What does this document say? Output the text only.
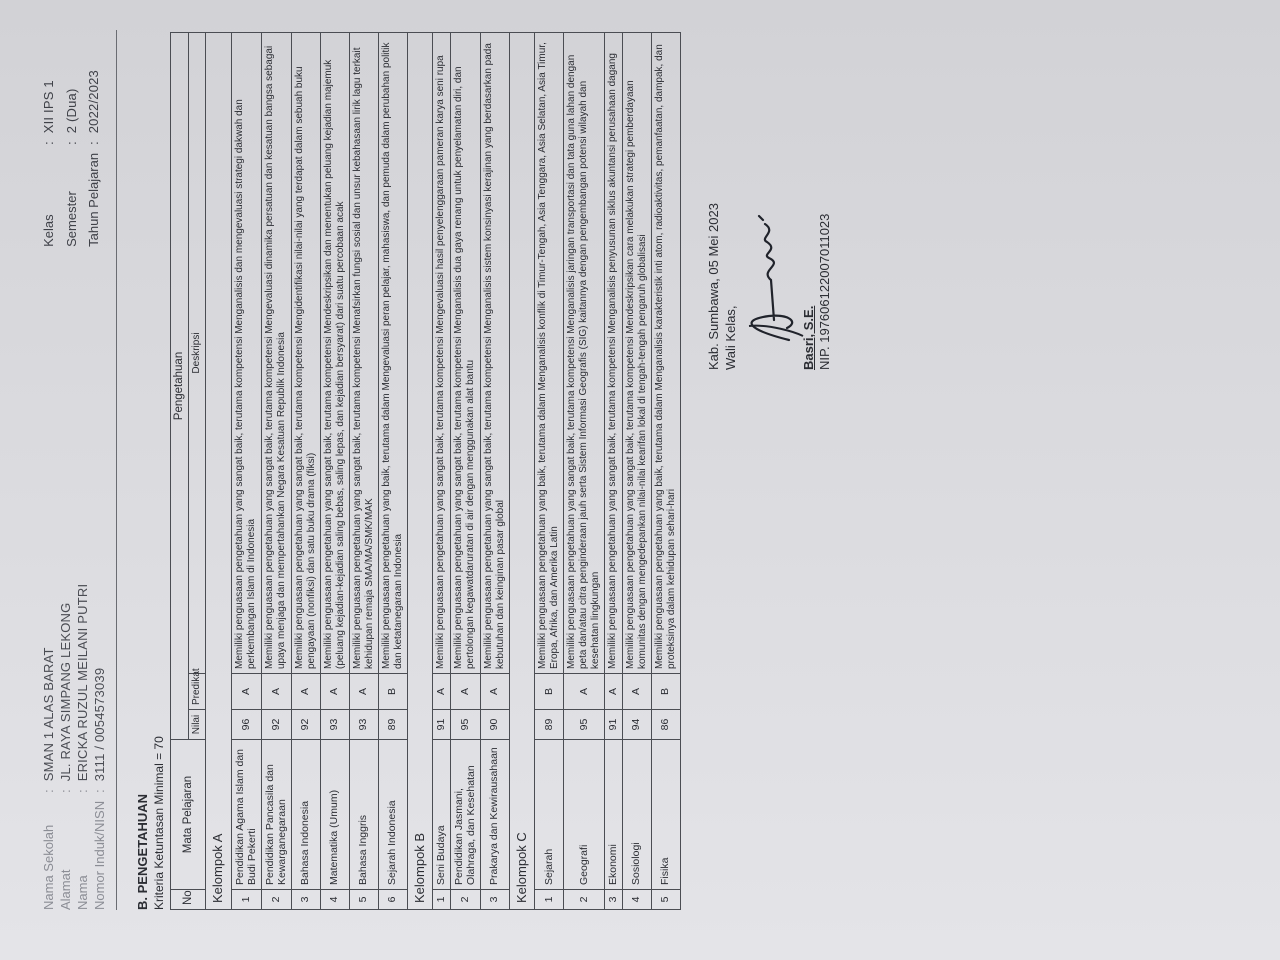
Nama Sekolah
:
SMAN 1 ALAS BARAT
Alamat
:
JL. RAYA SIMPANG LEKONG
Nama
:
ERICKA RUZUL MEILANI PUTRI
Nomor Induk/NISN
:
3111 / 0054573039
Kelas
:
XII IPS 1
Semester
:
2 (Dua)
Tahun Pelajaran
:
2022/2023
B. PENGETAHUAN Kriteria Ketuntasan Minimal = 70 No	Mata Pelajaran	Pengetahuan		
		Nilai	Predikat	Deskripsi
Kelompok A				
1	Pendidikan Agama Islam dan Budi Pekerti	96	A	Memiliki penguasaan pengetahuan yang sangat baik, terutama kompetensi Menganalisis dan mengevaluasi strategi dakwah dan perkembangan Islam di Indonesia
2	Pendidikan Pancasila dan Kewarganegaraan	92	A	Memiliki penguasaan pengetahuan yang sangat baik, terutama kompetensi Mengevaluasi dinamika persatuan dan kesatuan bangsa sebagai upaya menjaga dan mempertahankan Negara Kesatuan Republik Indonesia
3	Bahasa Indonesia	92	A	Memiliki penguasaan pengetahuan yang sangat baik, terutama kompetensi Mengidentifikasi nilai-nilai yang terdapat dalam sebuah buku pengayaan (nonfiksi) dan satu buku drama (fiksi)
4	Matematika (Umum)	93	A	Memiliki penguasaan pengetahuan yang sangat baik, terutama kompetensi Mendeskripsikan dan menentukan peluang kejadian majemuk (peluang kejadian-kejadian saling bebas, saling lepas, dan kejadian bersyarat) dari suatu percobaan acak
5	Bahasa Inggris	93	A	Memiliki penguasaan pengetahuan yang sangat baik, terutama kompetensi Menafsirkan fungsi sosial dan unsur kebahasaan lirik lagu terkait kehidupan remaja SMA/MA/SMK/MAK
6	Sejarah Indonesia	89	B	Memiliki penguasaan pengetahuan yang baik, terutama dalam Mengevaluasi peran pelajar, mahasiswa, dan pemuda dalam perubahan politik dan ketatanegaraan Indonesia
Kelompok B				
1	Seni Budaya	91	A	Memiliki penguasaan pengetahuan yang sangat baik, terutama kompetensi Mengevaluasi hasil penyelenggaraan pameran karya seni rupa
2	Pendidikan Jasmani, Olahraga, dan Kesehatan	95	A	Memiliki penguasaan pengetahuan yang sangat baik, terutama kompetensi Menganalisis dua gaya renang untuk penyelamatan diri, dan pertolongan kegawatdaruratan di air dengan menggunakan alat bantu
3	Prakarya dan Kewirausahaan	90	A	Memiliki penguasaan pengetahuan yang sangat baik, terutama kompetensi Menganalisis sistem konsinyasi kerajinan yang berdasarkan pada kebutuhan dan keinginan pasar global
Kelompok C				
1	Sejarah	89	B	Memiliki penguasaan pengetahuan yang baik, terutama dalam Menganalisis konflik di Timur-Tengah, Asia Tenggara, Asia Selatan, Asia Timur, Eropa, Afrika, dan Amerika Latin
2	Geografi	95	A	Memiliki penguasaan pengetahuan yang sangat baik, terutama kompetensi Menganalisis jaringan transportasi dan tata guna lahan dengan peta dan/atau citra penginderaan jauh serta Sistem Informasi Geografis (SIG) kaitannya dengan pengembangan potensi wilayah dan kesehatan lingkungan
3	Ekonomi	91	A	Memiliki penguasaan pengetahuan yang sangat baik, terutama kompetensi Menganalisis penyusunan siklus akuntansi perusahaan dagang
4	Sosiologi	94	A	Memiliki penguasaan pengetahuan yang sangat baik, terutama kompetensi Mendeskripsikan cara melakukan strategi pemberdayaan komunitas dengan mengedepankan nilai-nilai kearifan lokal di tengah-tengah pengaruh globalisasi
5	Fisika	86	B	Memiliki penguasaan pengetahuan yang baik, terutama dalam Menganalisis karakteristik inti atom, radioaktivitas, pemanfaatan, dampak, dan proteksinya dalam kehidupan sehari-hari
Kab. Sumbawa, 05 Mei 2023 Wali Kelas,	Basri, S.E. NIP. 197606122007011023
